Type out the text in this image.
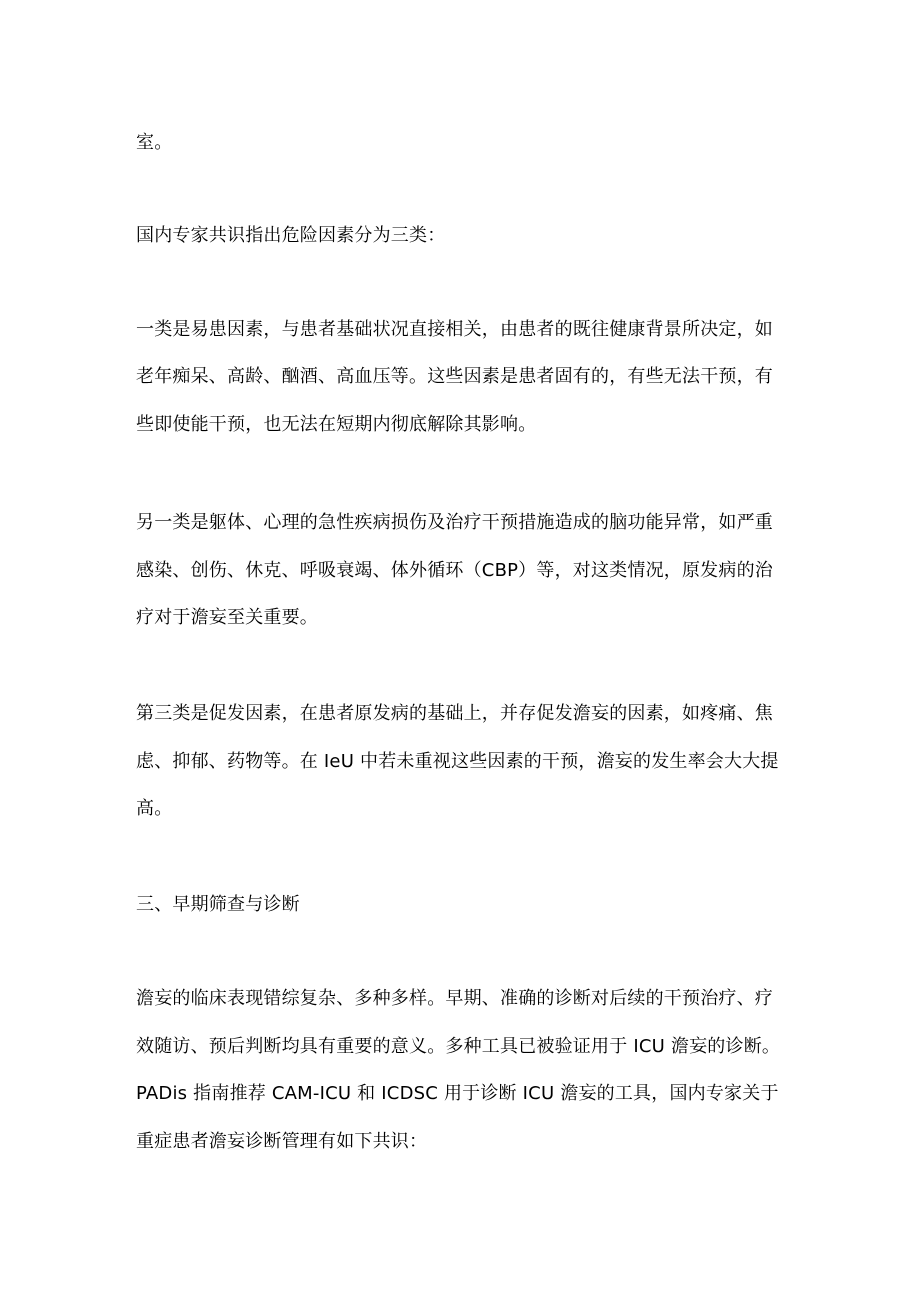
室。
国内专家共识指出危险因素分为三类：
一类是易患因素，与患者基础状况直接相关，由患者的既往健康背景所决定，如
老年痴呆、高龄、酗酒、高血压等。这些因素是患者固有的，有些无法干预，有
些即使能干预，也无法在短期内彻底解除其影响。
另一类是躯体、心理的急性疾病损伤及治疗干预措施造成的脑功能异常，如严重
感染、创伤、休克、呼吸衰竭、体外循环（CBP）等，对这类情况，原发病的治
疗对于澹妄至关重要。
第三类是促发因素，在患者原发病的基础上，并存促发澹妄的因素，如疼痛、焦
虑、抑郁、药物等。在 IeU 中若未重视这些因素的干预，澹妄的发生率会大大提
高。
三、早期筛查与诊断
澹妄的临床表现错综复杂、多种多样。早期、准确的诊断对后续的干预治疗、疗
效随访、预后判断均具有重要的意义。多种工具已被验证用于 ICU 澹妄的诊断。
PADis 指南推荐 CAM-ICU 和 ICDSC 用于诊断 ICU 澹妄的工具，国内专家关于
重症患者澹妄诊断管理有如下共识：
